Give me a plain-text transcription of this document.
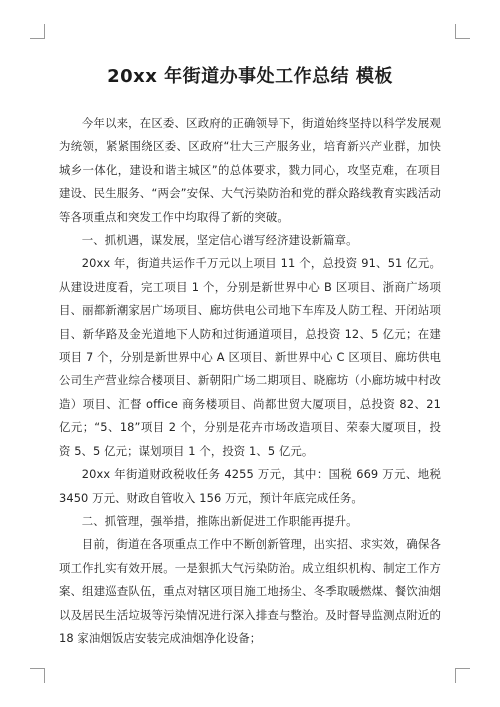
20xx 年街道办事处工作总结 模板

今年以来，在区委、区政府的正确领导下，街道始终坚持以科学发展观为统领，紧紧围绕区委、区政府“壮大三产服务业，培育新兴产业群，加快城乡一体化，建设和谐主城区”的总体要求，戮力同心，攻坚克难，在项目建设、民生服务、“两会”安保、大气污染防治和党的群众路线教育实践活动等各项重点和突发工作中均取得了新的突破。

一、抓机遇，谋发展，坚定信心谱写经济建设新篇章。

20xx 年，街道共运作千万元以上项目 11 个，总投资 91、51 亿元。从建设进度看，完工项目 1 个，分别是新世界中心 B 区项目、浙商广场项目、丽都新潮家居广场项目、廊坊供电公司地下车库及人防工程、开闭站项目、新华路及金光道地下人防和过街通道项目，总投资 12、5 亿元；在建项目 7 个，分别是新世界中心 A 区项目、新世界中心 C 区项目、廊坊供电公司生产营业综合楼项目、新朝阳广场二期项目、晓廊坊（小廊坊城中村改造）项目、汇督 office 商务楼项目、尚都世贸大厦项目，总投资 82、21 亿元；“5、18”项目 2 个，分别是花卉市场改造项目、荣泰大厦项目，投资 5、5 亿元；谋划项目 1 个，投资 1、5 亿元。

20xx 年街道财政税收任务 4255 万元，其中：国税 669 万元、地税 3450 万元、财政自管收入 156 万元，预计年底完成任务。

二、抓管理，强举措，推陈出新促进工作职能再提升。

目前，街道在各项重点工作中不断创新管理，出实招、求实效，确保各项工作扎实有效开展。一是狠抓大气污染防治。成立组织机构、制定工作方案、组建巡查队伍，重点对辖区项目施工地扬尘、冬季取暖燃煤、餐饮油烟以及居民生活垃圾等污染情况进行深入排查与整治。及时督导监测点附近的 18 家油烟饭店安装完成油烟净化设备；
